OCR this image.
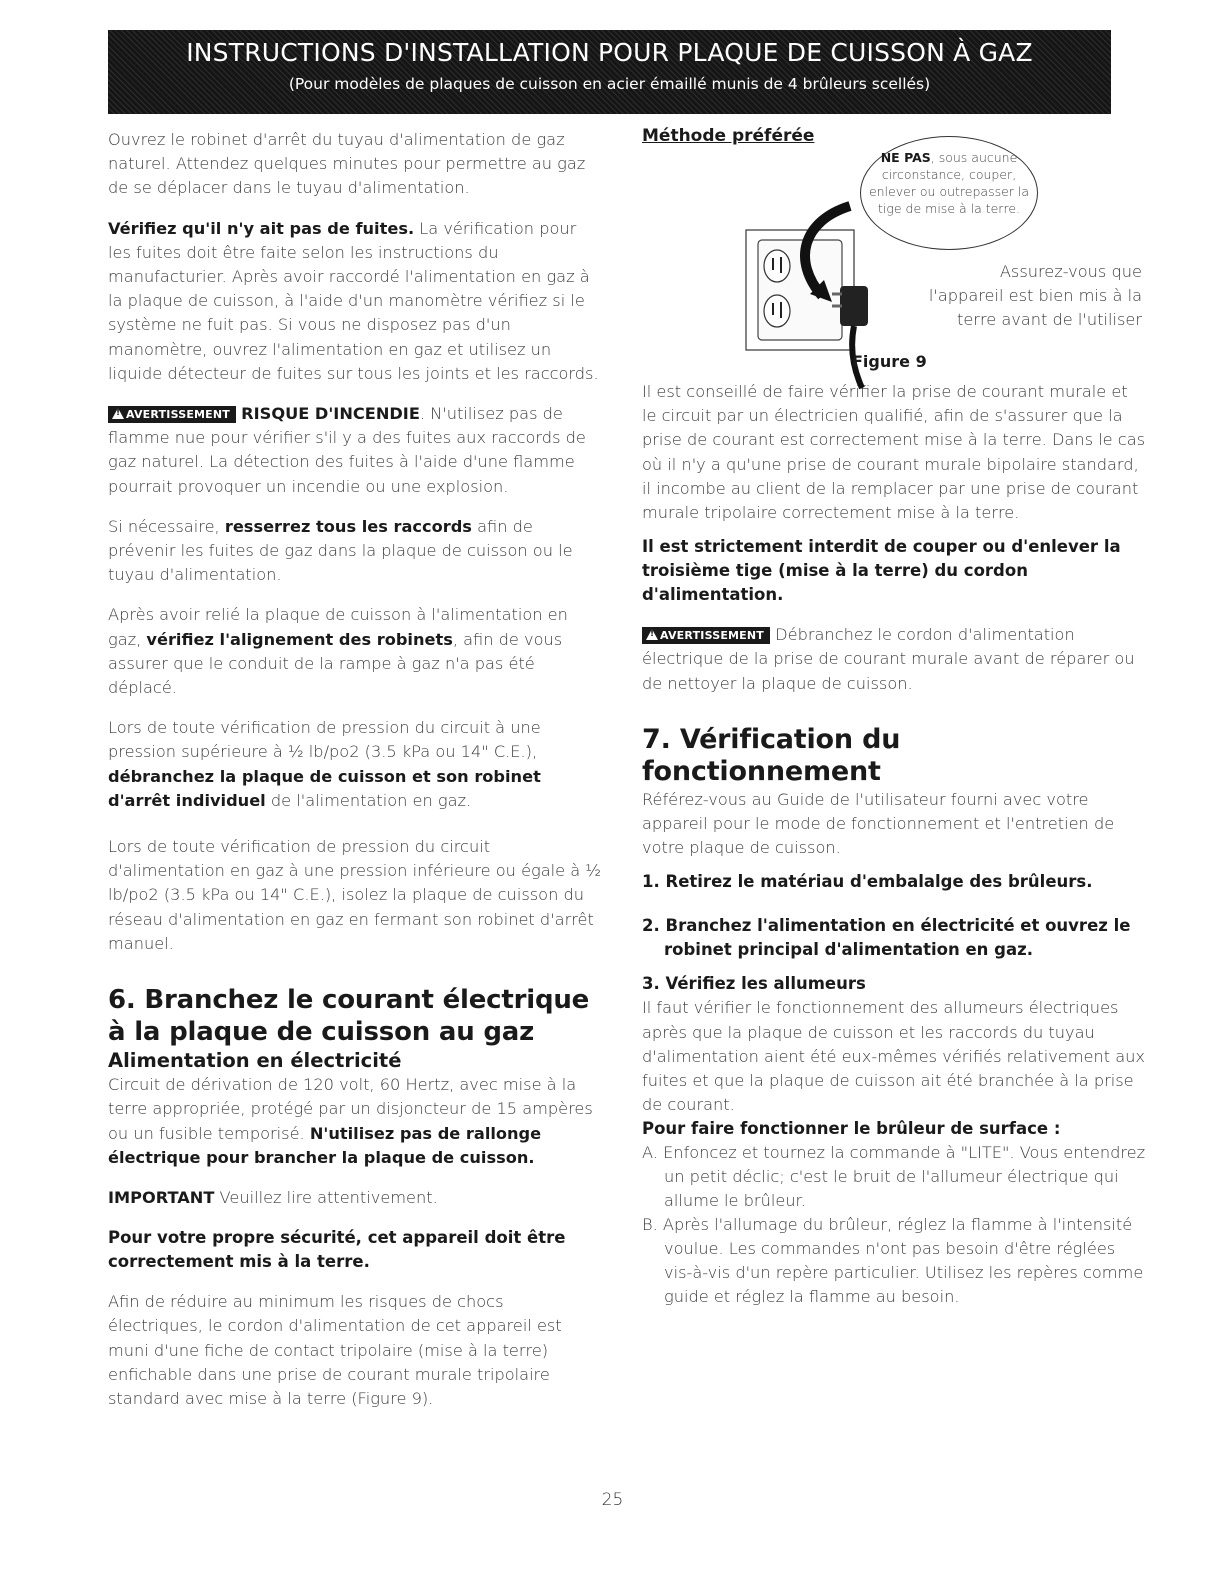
INSTRUCTIONS D'INSTALLATION POUR PLAQUE DE CUISSON À GAZ
(Pour modèles de plaques de cuisson en acier émaillé munis de 4 brûleurs scellés)

Ouvrez le robinet d'arrêt du tuyau d'alimentation de gaz naturel. Attendez quelques minutes pour permettre au gaz de se déplacer dans le tuyau d'alimentation.

Vérifiez qu'il n'y ait pas de fuites. La vérification pour les fuites doit être faite selon les instructions du manufacturier. Après avoir raccordé l'alimentation en gaz à la plaque de cuisson, à l'aide d'un manomètre vérifiez si le système ne fuit pas. Si vous ne disposez pas d'un manomètre, ouvrez l'alimentation en gaz et utilisez un liquide détecteur de fuites sur tous les joints et les raccords.

!AVERTISSEMENT RISQUE D'INCENDIE. N'utilisez pas de flamme nue pour vérifier s'il y a des fuites aux raccords de gaz naturel. La détection des fuites à l'aide d'une flamme pourrait provoquer un incendie ou une explosion.

Si nécessaire, resserrez tous les raccords afin de prévenir les fuites de gaz dans la plaque de cuisson ou le tuyau d'alimentation.

Après avoir relié la plaque de cuisson à l'alimentation en gaz, vérifiez l'alignement des robinets, afin de vous assurer que le conduit de la rampe à gaz n'a pas été déplacé.

Lors de toute vérification de pression du circuit à une pression supérieure à ½ lb/po2 (3.5 kPa ou 14" C.E.), débranchez la plaque de cuisson et son robinet d'arrêt individuel de l'alimentation en gaz.

Lors de toute vérification de pression du circuit d'alimentation en gaz à une pression inférieure ou égale à ½ lb/po2 (3.5 kPa ou 14" C.E.), isolez la plaque de cuisson du réseau d'alimentation en gaz en fermant son robinet d'arrêt manuel.

6. Branchez le courant électrique à la plaque de cuisson au gaz
Alimentation en électricité

Circuit de dérivation de 120 volt, 60 Hertz, avec mise à la terre appropriée, protégé par un disjoncteur de 15 ampères ou un fusible temporisé. N'utilisez pas de rallonge électrique pour brancher la plaque de cuisson.

IMPORTANT Veuillez lire attentivement.

Pour votre propre sécurité, cet appareil doit être correctement mis à la terre.

Afin de réduire au minimum les risques de chocs électriques, le cordon d'alimentation de cet appareil est muni d'une fiche de contact tripolaire (mise à la terre) enfichable dans une prise de courant murale tripolaire standard avec mise à la terre (Figure 9).

Méthode préférée
NE PAS, sous aucune circonstance, couper, enlever ou outrepasser la tige de mise à la terre.
Assurez-vous que l'appareil est bien mis à la terre avant de l'utiliser
Figure 9

Il est conseillé de faire vérifier la prise de courant murale et le circuit par un électricien qualifié, afin de s'assurer que la prise de courant est correctement mise à la terre. Dans le cas où il n'y a qu'une prise de courant murale bipolaire standard, il incombe au client de la remplacer par une prise de courant murale tripolaire correctement mise à la terre.

Il est strictement interdit de couper ou d'enlever la troisième tige (mise à la terre) du cordon d'alimentation.

!AVERTISSEMENT Débranchez le cordon d'alimentation électrique de la prise de courant murale avant de réparer ou de nettoyer la plaque de cuisson.

7. Vérification du fonctionnement

Référez-vous au Guide de l'utilisateur fourni avec votre appareil pour le mode de fonctionnement et l'entretien de votre plaque de cuisson.

1. Retirez le matériau d'embalalge des brûleurs.
2. Branchez l'alimentation en électricité et ouvrez le robinet principal d'alimentation en gaz.
3. Vérifiez les allumeurs

Il faut vérifier le fonctionnement des allumeurs électriques après que la plaque de cuisson et les raccords du tuyau d'alimentation aient été eux-mêmes vérifiés relativement aux fuites et que la plaque de cuisson ait été branchée à la prise de courant.

Pour faire fonctionner le brûleur de surface :

A. Enfoncez et tournez la commande à "LITE". Vous entendrez un petit déclic; c'est le bruit de l'allumeur électrique qui allume le brûleur.
B. Après l'allumage du brûleur, réglez la flamme à l'intensité voulue. Les commandes n'ont pas besoin d'être réglées vis-à-vis d'un repère particulier. Utilisez les repères comme guide et réglez la flamme au besoin.
25
